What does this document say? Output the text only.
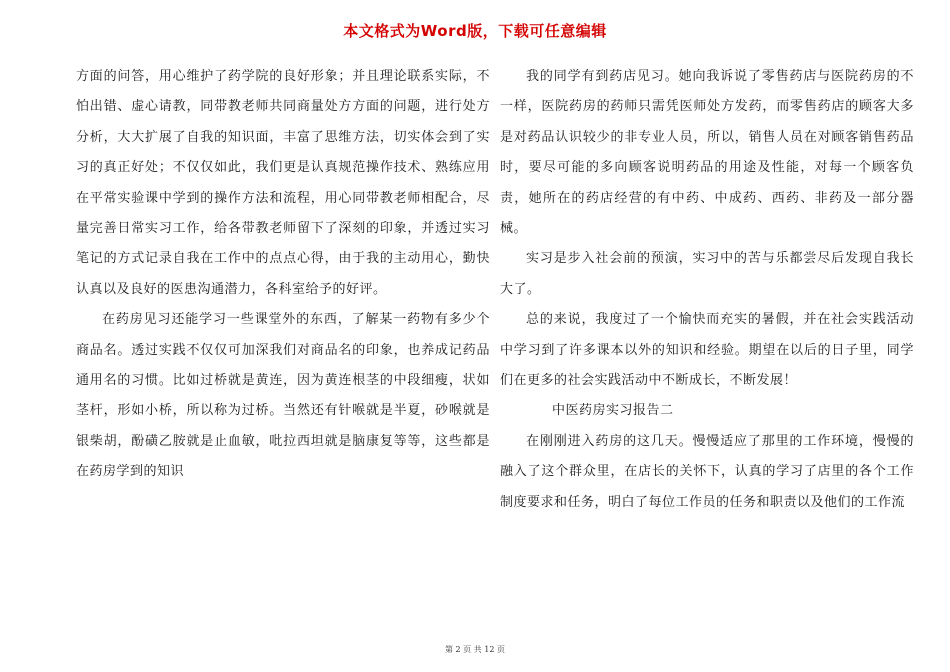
本文格式为Word版，下载可任意编辑

方面的问答，用心维护了药学院的良好形象；并且理论联系实际，不怕出错、虚心请教，同带教老师共同商量处方方面的问题，进行处方分析，大大扩展了自我的知识面，丰富了思维方法，切实体会到了实习的真正好处；不仅仅如此，我们更是认真规范操作技术、熟练应用在平常实验课中学到的操作方法和流程，用心同带教老师相配合，尽量完善日常实习工作，给各带教老师留下了深刻的印象，并透过实习笔记的方式记录自我在工作中的点点心得，由于我的主动用心，勤快认真以及良好的医患沟通潜力，各科室给予的好评。

在药房见习还能学习一些课堂外的东西，了解某一药物有多少个商品名。透过实践不仅仅可加深我们对商品名的印象，也养成记药品通用名的习惯。比如过桥就是黄连，因为黄连根茎的中段细瘦，状如茎杆，形如小桥，所以称为过桥。当然还有针喉就是半夏，砂喉就是银柴胡，酚磺乙胺就是止血敏，吡拉西坦就是脑康复等等，这些都是在药房学到的知识

我的同学有到药店见习。她向我诉说了零售药店与医院药房的不一样，医院药房的药师只需凭医师处方发药，而零售药店的顾客大多是对药品认识较少的非专业人员，所以，销售人员在对顾客销售药品时，要尽可能的多向顾客说明药品的用途及性能，对每一个顾客负责，她所在的药店经营的有中药、中成药、西药、非药及一部分器械。

实习是步入社会前的预演，实习中的苦与乐都尝尽后发现自我长大了。

总的来说，我度过了一个愉快而充实的暑假，并在社会实践活动中学习到了许多课本以外的知识和经验。期望在以后的日子里，同学们在更多的社会实践活动中不断成长，不断发展！

中医药房实习报告二

在刚刚进入药房的这几天。慢慢适应了那里的工作环境，慢慢的融入了这个群众里，在店长的关怀下，认真的学习了店里的各个工作制度要求和任务，明白了每位工作员的任务和职责以及他们的工作流

第 2 页 共 12 页
